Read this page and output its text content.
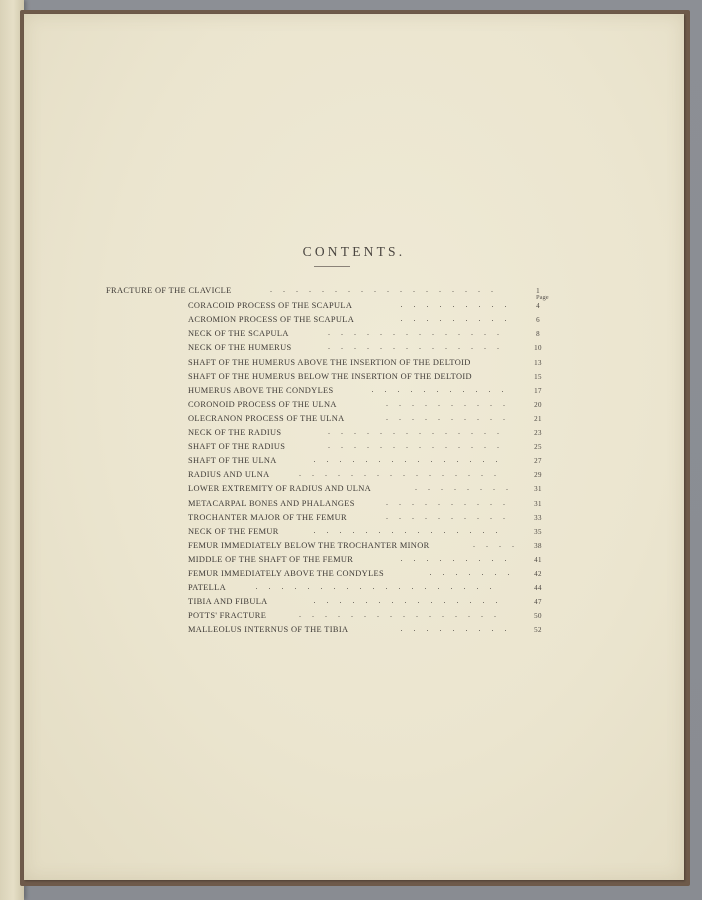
CONTENTS.
Page
FRACTURE OF THE CLAVICLE	..................	1
CORACOID PROCESS OF THE SCAPULA	.........	4
ACROMION PROCESS OF THE SCAPULA	.........	6
NECK OF THE SCAPULA	..............	8
NECK OF THE HUMERUS	..............	10
SHAFT OF THE HUMERUS ABOVE THE INSERTION OF THE DELTOID	13
SHAFT OF THE HUMERUS BELOW THE INSERTION OF THE DELTOID	15
HUMERUS ABOVE THE CONDYLES	...........	17
CORONOID PROCESS OF THE ULNA	..........	20
OLECRANON PROCESS OF THE ULNA	..........	21
NECK OF THE RADIUS	..............	23
SHAFT OF THE RADIUS	..............	25
SHAFT OF THE ULNA	...............	27
RADIUS AND ULNA	................	29
LOWER EXTREMITY OF RADIUS AND ULNA	........	31
METACARPAL BONES AND PHALANGES	..........	31
TROCHANTER MAJOR OF THE FEMUR	..........	33
NECK OF THE FEMUR	...............	35
FEMUR IMMEDIATELY BELOW THE TROCHANTER MINOR	....	38
MIDDLE OF THE SHAFT OF THE FEMUR	.........	41
FEMUR IMMEDIATELY ABOVE THE CONDYLES	.......	42
PATELLA	...................	44
TIBIA AND FIBULA	...............	47
POTTS' FRACTURE	................	50
MALLEOLUS INTERNUS OF THE TIBIA	.........	52
